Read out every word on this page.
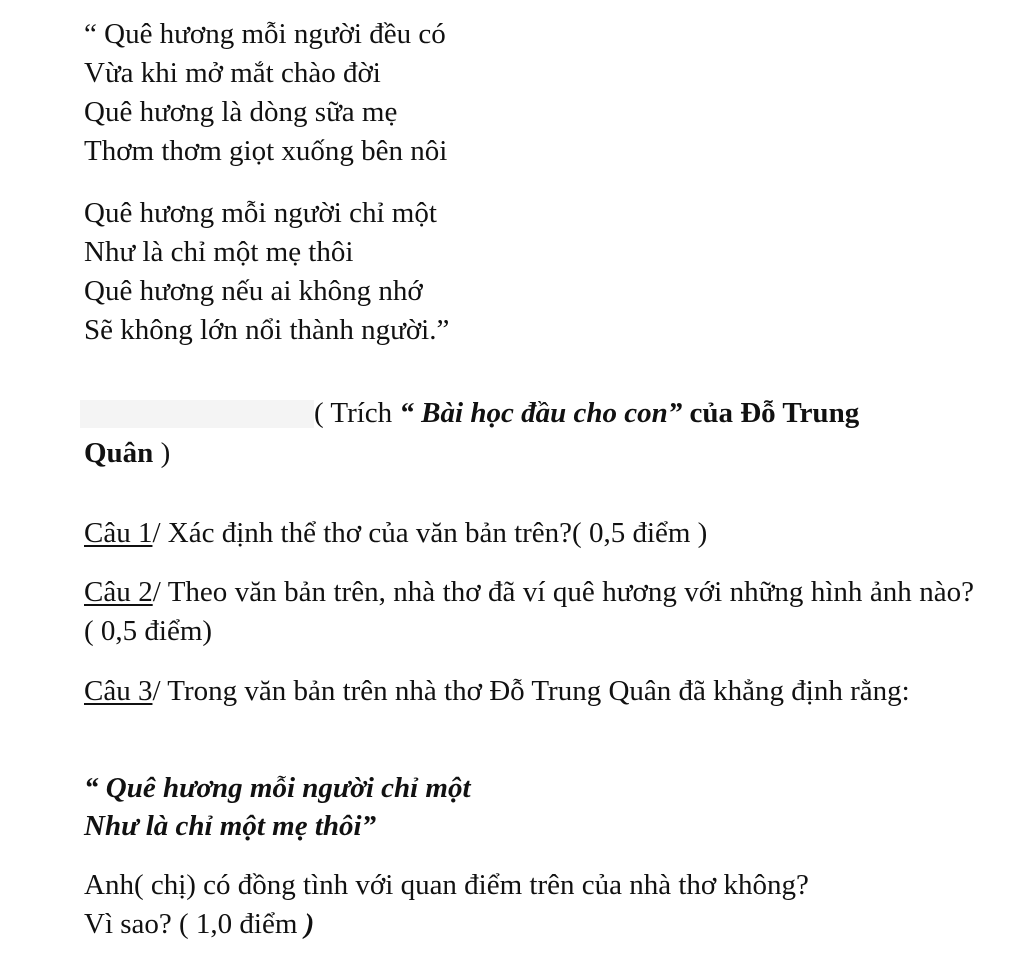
“ Quê hương mỗi người đều có
Vừa khi mở mắt chào đời
Quê hương là dòng sữa mẹ
Thơm thơm giọt xuống bên nôi
Quê hương mỗi người chỉ một
Như là chỉ một mẹ thôi
Quê hương nếu ai không nhớ
Sẽ không lớn nổi thành người.”
( Trích “ Bài học đầu cho con” của Đỗ Trung
Quân )
Câu 1/ Xác định thể thơ của văn bản trên?( 0,5 điểm )
Câu 2/ Theo văn bản trên, nhà thơ đã ví quê hương với những hình ảnh nào? ( 0,5 điểm)
Câu 3/ Trong văn bản trên nhà thơ Đỗ Trung Quân đã khẳng định rằng:
“ Quê hương mỗi người chỉ một
Như là chỉ một mẹ thôi”
Anh( chị) có đồng tình với quan điểm trên của nhà thơ không?
Vì sao? ( 1,0 điểm )
